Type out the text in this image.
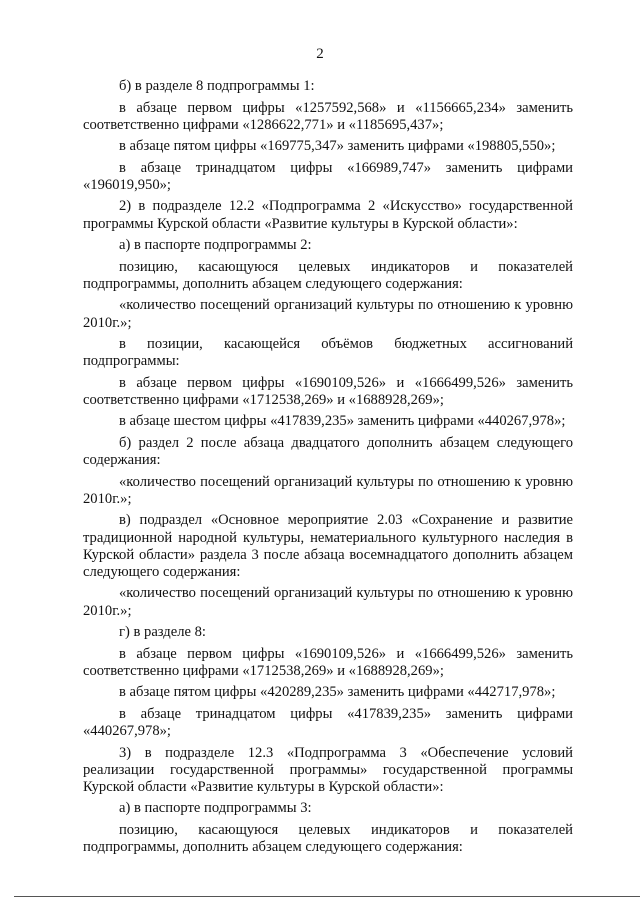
2

б) в разделе 8 подпрограммы 1:

в абзаце первом цифры «1257592,568» и «1156665,234» заменить соответственно цифрами «1286622,771» и «1185695,437»;

в абзаце пятом цифры «169775,347» заменить цифрами «198805,550»;

в абзаце тринадцатом цифры «166989,747» заменить цифрами «196019,950»;

2) в подразделе 12.2 «Подпрограмма 2 «Искусство» государственной программы Курской области «Развитие культуры в Курской области»:

а) в паспорте подпрограммы 2:

позицию, касающуюся целевых индикаторов и показателей подпрограммы, дополнить абзацем следующего содержания:

«количество посещений организаций культуры по отношению к уровню 2010г.»;

в позиции, касающейся объёмов бюджетных ассигнований подпрограммы:

в абзаце первом цифры «1690109,526» и «1666499,526» заменить соответственно цифрами «1712538,269» и «1688928,269»;

в абзаце шестом цифры «417839,235» заменить цифрами «440267,978»;

б) раздел 2 после абзаца двадцатого дополнить абзацем следующего содержания:

«количество посещений организаций культуры по отношению к уровню 2010г.»;

в) подраздел «Основное мероприятие 2.03 «Сохранение и развитие традиционной народной культуры, нематериального культурного наследия в Курской области» раздела 3 после абзаца восемнадцатого дополнить абзацем следующего содержания:

«количество посещений организаций культуры по отношению к уровню 2010г.»;

г) в разделе 8:

в абзаце первом цифры «1690109,526» и «1666499,526» заменить соответственно цифрами «1712538,269» и «1688928,269»;

в абзаце пятом цифры «420289,235» заменить цифрами «442717,978»;

в абзаце тринадцатом цифры «417839,235» заменить цифрами «440267,978»;

3) в подразделе 12.3 «Подпрограмма 3 «Обеспечение условий реализации государственной программы» государственной программы Курской области «Развитие культуры в Курской области»:

а) в паспорте подпрограммы 3:

позицию, касающуюся целевых индикаторов и показателей подпрограммы, дополнить абзацем следующего содержания:
